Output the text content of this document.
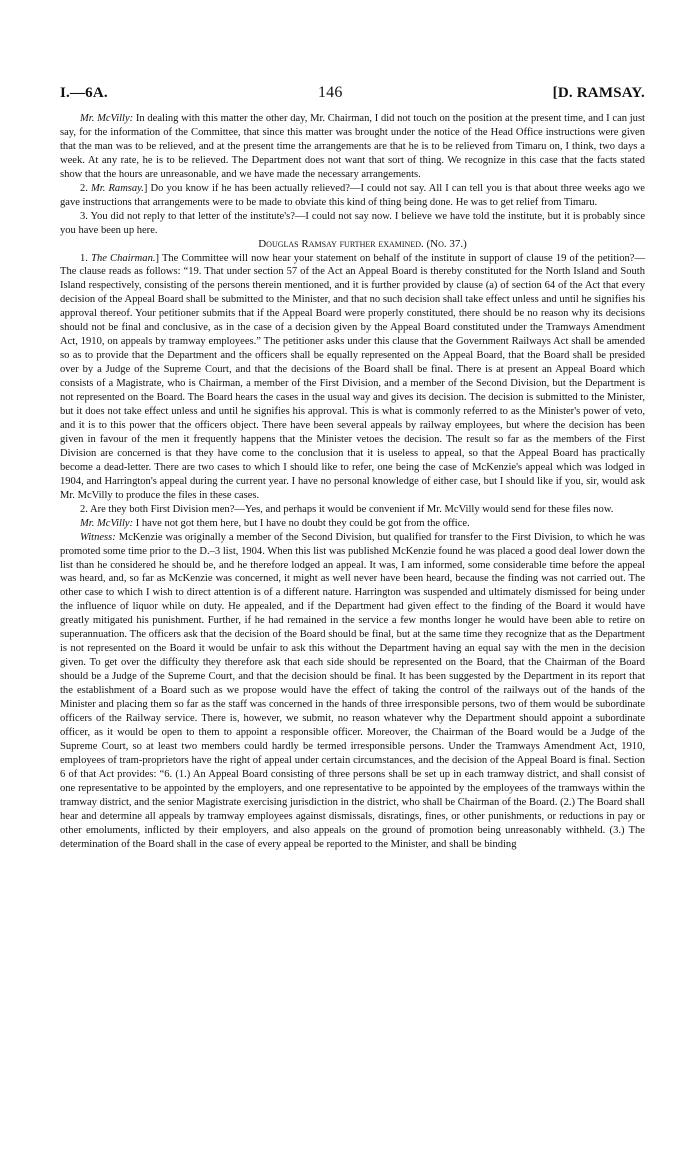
I.—6A.	146	[D. RAMSAY.

Mr. McVilly: In dealing with this matter the other day, Mr. Chairman, I did not touch on the position at the present time, and I can just say, for the information of the Committee, that since this matter was brought under the notice of the Head Office instructions were given that the man was to be relieved, and at the present time the arrangements are that he is to be relieved from Timaru on, I think, two days a week. At any rate, he is to be relieved. The Department does not want that sort of thing. We recognize in this case that the facts stated show that the hours are unreasonable, and we have made the necessary arrangements.

2. Mr. Ramsay.] Do you know if he has been actually relieved?—I could not say. All I can tell you is that about three weeks ago we gave instructions that arrangements were to be made to obviate this kind of thing being done. He was to get relief from Timaru.

3. You did not reply to that letter of the institute's?—I could not say now. I believe we have told the institute, but it is probably since you have been up here.

Douglas Ramsay further examined. (No. 37.)

1. The Chairman.] The Committee will now hear your statement on behalf of the institute in support of clause 19 of the petition?—The clause reads as follows: “19. That under section 57 of the Act an Appeal Board is thereby constituted for the North Island and South Island respectively, consisting of the persons therein mentioned, and it is further provided by clause (a) of section 64 of the Act that every decision of the Appeal Board shall be submitted to the Minister, and that no such decision shall take effect unless and until he signifies his approval thereof. Your petitioner submits that if the Appeal Board were properly constituted, there should be no reason why its decisions should not be final and conclusive, as in the case of a decision given by the Appeal Board constituted under the Tramways Amendment Act, 1910, on appeals by tramway employees.” The petitioner asks under this clause that the Government Railways Act shall be amended so as to provide that the Department and the officers shall be equally represented on the Appeal Board, that the Board shall be presided over by a Judge of the Supreme Court, and that the decisions of the Board shall be final. There is at present an Appeal Board which consists of a Magistrate, who is Chairman, a member of the First Division, and a member of the Second Division, but the Department is not represented on the Board. The Board hears the cases in the usual way and gives its decision. The decision is submitted to the Minister, but it does not take effect unless and until he signifies his approval. This is what is commonly referred to as the Minister's power of veto, and it is to this power that the officers object. There have been several appeals by railway employees, but where the decision has been given in favour of the men it frequently happens that the Minister vetoes the decision. The result so far as the members of the First Division are concerned is that they have come to the conclusion that it is useless to appeal, so that the Appeal Board has practically become a dead-letter. There are two cases to which I should like to refer, one being the case of McKenzie's appeal which was lodged in 1904, and Harrington's appeal during the current year. I have no personal knowledge of either case, but I should like if you, sir, would ask Mr. McVilly to produce the files in these cases.

2. Are they both First Division men?—Yes, and perhaps it would be convenient if Mr. McVilly would send for these files now.

Mr. McVilly: I have not got them here, but I have no doubt they could be got from the office.

Witness: McKenzie was originally a member of the Second Division, but qualified for transfer to the First Division, to which he was promoted some time prior to the D.–3 list, 1904. When this list was published McKenzie found he was placed a good deal lower down the list than he considered he should be, and he therefore lodged an appeal. It was, I am informed, some considerable time before the appeal was heard, and, so far as McKenzie was concerned, it might as well never have been heard, because the finding was not carried out. The other case to which I wish to direct attention is of a different nature. Harrington was suspended and ultimately dismissed for being under the influence of liquor while on duty. He appealed, and if the Department had given effect to the finding of the Board it would have greatly mitigated his punishment. Further, if he had remained in the service a few months longer he would have been able to retire on superannuation. The officers ask that the decision of the Board should be final, but at the same time they recognize that as the Department is not represented on the Board it would be unfair to ask this without the Department having an equal say with the men in the decision given. To get over the difficulty they therefore ask that each side should be represented on the Board, that the Chairman of the Board should be a Judge of the Supreme Court, and that the decision should be final. It has been suggested by the Department in its report that the establishment of a Board such as we propose would have the effect of taking the control of the railways out of the hands of the Minister and placing them so far as the staff was concerned in the hands of three irresponsible persons, two of them would be subordinate officers of the Railway service. There is, however, we submit, no reason whatever why the Department should appoint a subordinate officer, as it would be open to them to appoint a responsible officer. Moreover, the Chairman of the Board would be a Judge of the Supreme Court, so at least two members could hardly be termed irresponsible persons. Under the Tramways Amendment Act, 1910, employees of tram-proprietors have the right of appeal under certain circumstances, and the decision of the Appeal Board is final. Section 6 of that Act provides: “6. (1.) An Appeal Board consisting of three persons shall be set up in each tramway district, and shall consist of one representative to be appointed by the employers, and one representative to be appointed by the employees of the tramways within the tramway district, and the senior Magistrate exercising jurisdiction in the district, who shall be Chairman of the Board. (2.) The Board shall hear and determine all appeals by tramway employees against dismissals, disratings, fines, or other punishments, or reductions in pay or other emoluments, inflicted by their employers, and also appeals on the ground of promotion being unreasonably withheld. (3.) The determination of the Board shall in the case of every appeal be reported to the Minister, and shall be binding
